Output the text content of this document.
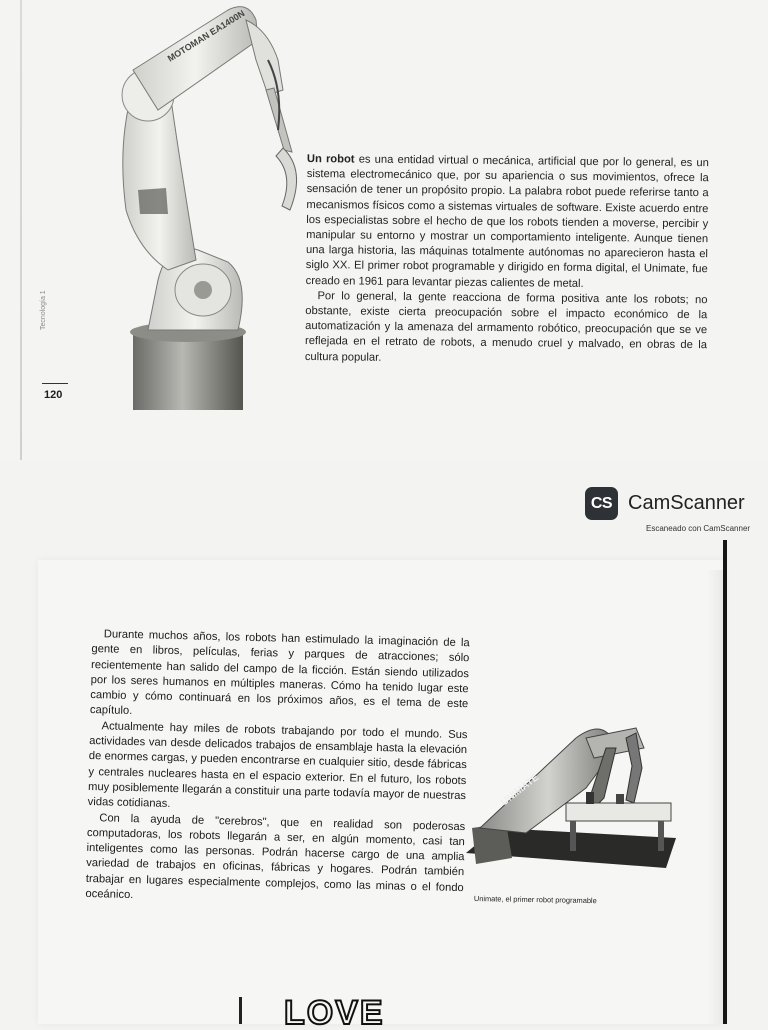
MOTOMAN EA1400N
120
Tecnología 1

Un robot es una entidad virtual o mecánica, artificial que por lo general, es un sistema electromecánico que, por su apariencia o sus movimientos, ofrece la sensación de tener un propósito propio. La palabra robot puede referirse tanto a mecanismos físicos como a sistemas virtuales de software. Existe acuerdo entre los especialistas sobre el hecho de que los robots tienden a moverse, percibir y manipular su entorno y mostrar un comportamiento inteligente. Aunque tienen una larga historia, las máquinas totalmente autónomas no aparecieron hasta el siglo XX. El primer robot programable y dirigido en forma digital, el Unimate, fue creado en 1961 para levantar piezas calientes de metal.

Por lo general, la gente reacciona de forma positiva ante los robots; no obstante, existe cierta preocupación sobre el impacto económico de la automatización y la amenaza del armamento robótico, preocupación que se ve reflejada en el retrato de robots, a menudo cruel y malvado, en obras de la cultura popular.

CS CamScanner
Escaneado con CamScanner

Durante muchos años, los robots han estimulado la imaginación de la gente en libros, películas, ferias y parques de atracciones; sólo recientemente han salido del campo de la ficción. Están siendo utilizados por los seres humanos en múltiples maneras. Cómo ha tenido lugar este cambio y cómo continuará en los próximos años, es el tema de este capítulo.

Actualmente hay miles de robots trabajando por todo el mundo. Sus actividades van desde delicados trabajos de ensamblaje hasta la elevación de enormes cargas, y pueden encontrarse en cualquier sitio, desde fábricas y centrales nucleares hasta en el espacio exterior. En el futuro, los robots muy posiblemente llegarán a constituir una parte todavía mayor de nuestras vidas cotidianas.

Con la ayuda de "cerebros", que en realidad son poderosas computadoras, los robots llegarán a ser, en algún momento, casi tan inteligentes como las personas. Podrán hacerse cargo de una amplia variedad de trabajos en oficinas, fábricas y hogares. Podrán también trabajar en lugares especialmente complejos, como las minas o el fondo oceánico.

UNIMATE
Unimate, el primer robot programable
LOVE
